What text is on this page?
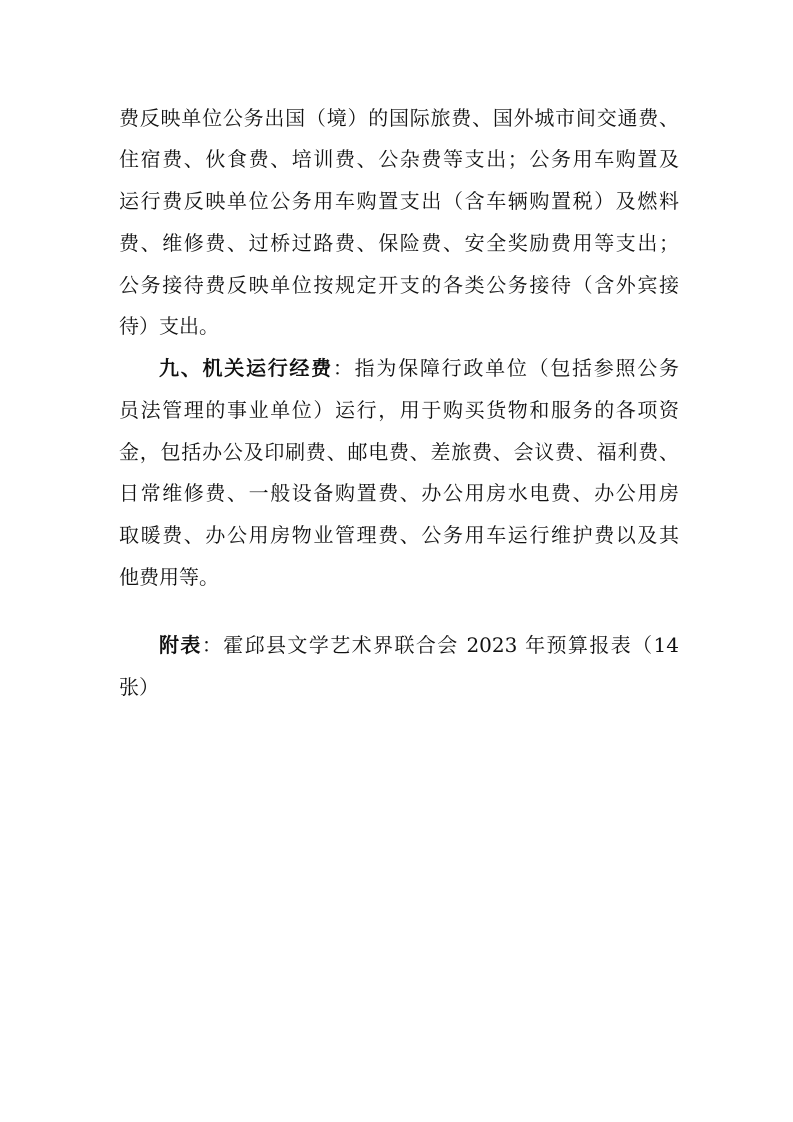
费反映单位公务出国（境）的国际旅费、国外城市间交通费、
住宿费、伙食费、培训费、公杂费等支出；公务用车购置及
运行费反映单位公务用车购置支出（含车辆购置税）及燃料
费、维修费、过桥过路费、保险费、安全奖励费用等支出；
公务接待费反映单位按规定开支的各类公务接待（含外宾接
待）支出。
九、机关运行经费：指为保障行政单位（包括参照公务
员法管理的事业单位）运行，用于购买货物和服务的各项资
金，包括办公及印刷费、邮电费、差旅费、会议费、福利费、
日常维修费、一般设备购置费、办公用房水电费、办公用房
取暖费、办公用房物业管理费、公务用车运行维护费以及其
他费用等。
附表：霍邱县文学艺术界联合会 2023 年预算报表（14
张）
